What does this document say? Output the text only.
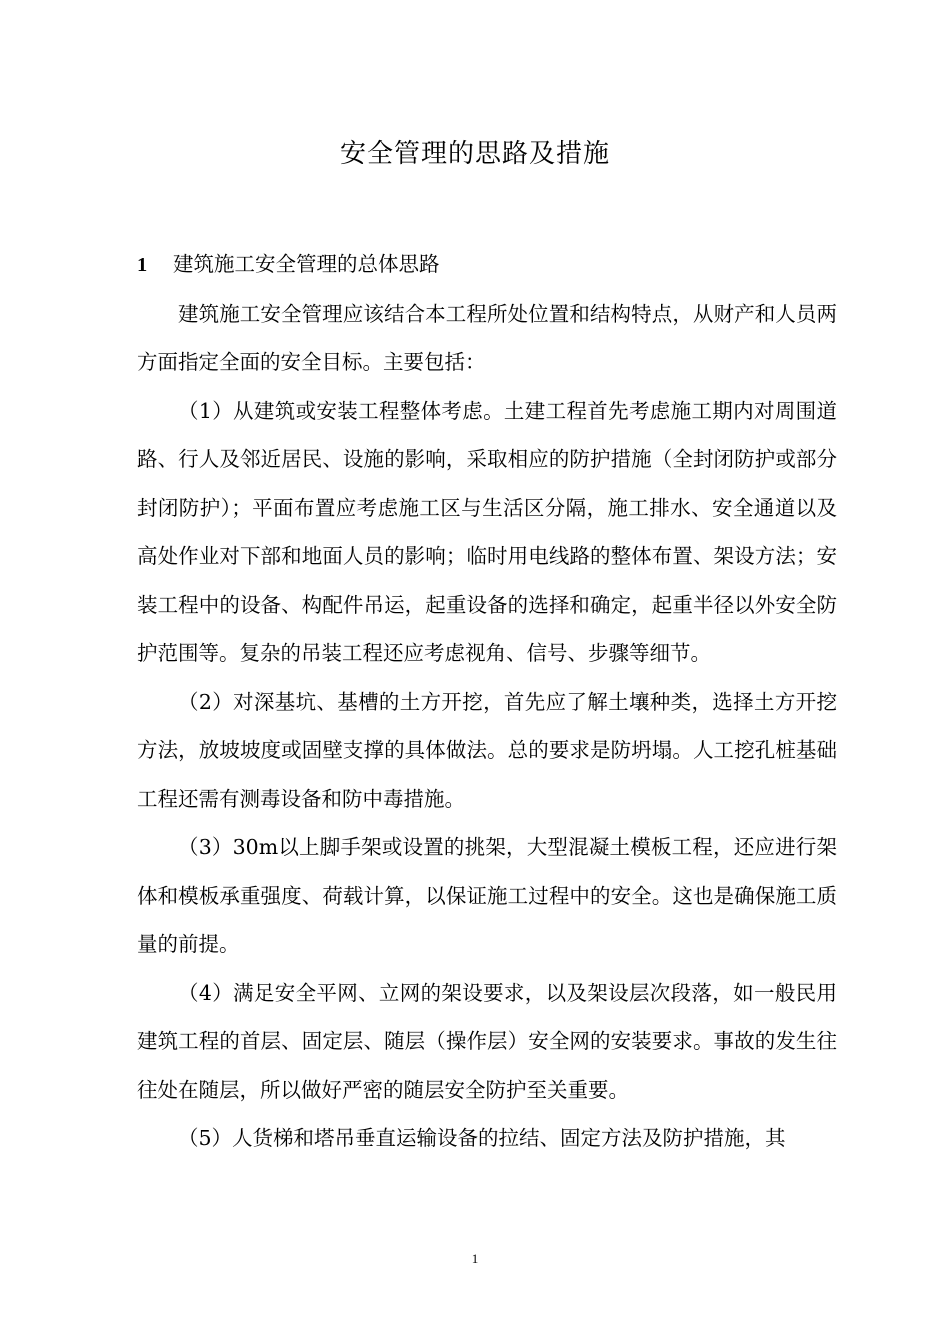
安全管理的思路及措施

1 建筑施工安全管理的总体思路

建筑施工安全管理应该结合本工程所处位置和结构特点，从财产和人员两方面指定全面的安全目标。主要包括：

（1）从建筑或安装工程整体考虑。土建工程首先考虑施工期内对周围道路、行人及邻近居民、设施的影响，采取相应的防护措施（全封闭防护或部分封闭防护）；平面布置应考虑施工区与生活区分隔，施工排水、安全通道以及高处作业对下部和地面人员的影响；临时用电线路的整体布置、架设方法；安装工程中的设备、构配件吊运，起重设备的选择和确定，起重半径以外安全防护范围等。复杂的吊装工程还应考虑视角、信号、步骤等细节。

（2）对深基坑、基槽的土方开挖，首先应了解土壤种类，选择土方开挖方法，放坡坡度或固壁支撑的具体做法。总的要求是防坍塌。人工挖孔桩基础工程还需有测毒设备和防中毒措施。

（3）30m以上脚手架或设置的挑架，大型混凝土模板工程，还应进行架体和模板承重强度、荷载计算，以保证施工过程中的安全。这也是确保施工质量的前提。

（4）满足安全平网、立网的架设要求，以及架设层次段落，如一般民用建筑工程的首层、固定层、随层（操作层）安全网的安装要求。事故的发生往往处在随层，所以做好严密的随层安全防护至关重要。

（5）人货梯和塔吊垂直运输设备的拉结、固定方法及防护措施，其

1
